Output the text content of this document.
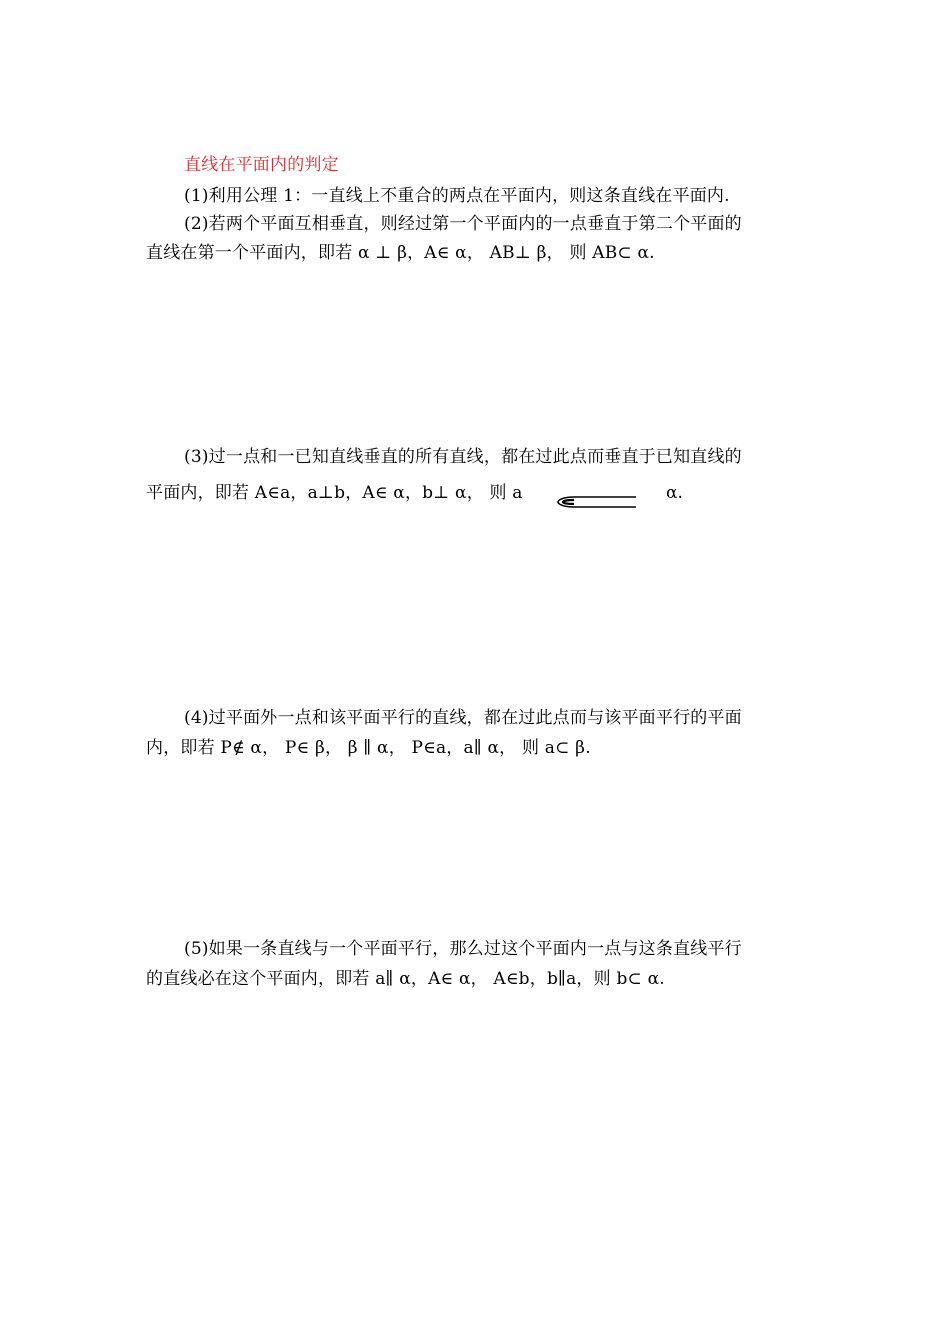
直线在平面内的判定
(1)利用公理 1：一直线上不重合的两点在平面内，则这条直线在平面内.
(2)若两个平面互相垂直，则经过第一个平面内的一点垂直于第二个平面的
直线在第一个平面内，即若 α ⊥ β，A∈ α， AB⊥ β， 则 AB⊂ α.
(3)过一点和一已知直线垂直的所有直线，都在过此点而垂直于已知直线的
平面内，即若 A∈a，a⊥b，A∈ α，b⊥ α， 则 a	α.
(4)过平面外一点和该平面平行的直线，都在过此点而与该平面平行的平面
内，即若 P∉ α， P∈ β， β ∥ α， P∈a，a∥ α， 则 a⊂ β.
(5)如果一条直线与一个平面平行，那么过这个平面内一点与这条直线平行
的直线必在这个平面内，即若 a∥ α，A∈ α， A∈b，b∥a，则 b⊂ α.
